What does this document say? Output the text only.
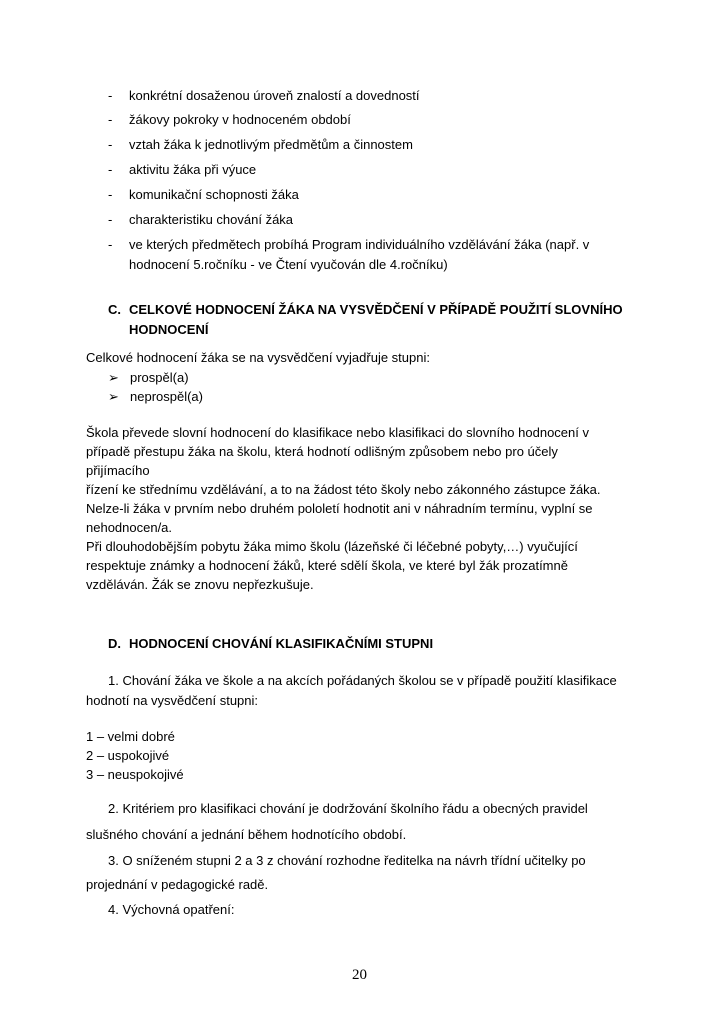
-	konkrétní dosaženou úroveň znalostí a dovedností
-	žákovy pokroky v hodnoceném období
-	vztah žáka k jednotlivým předmětům a činnostem
-	aktivitu žáka při výuce
-	komunikační schopnosti žáka
-	charakteristiku chování žáka
-	ve kterých předmětech probíhá Program individuálního vzdělávání žáka (např. v
hodnocení 5.ročníku - ve Čtení vyučován dle 4.ročníku)
C. CELKOVÉ HODNOCENÍ ŽÁKA NA VYSVĚDČENÍ V PŘÍPADĚ POUŽITÍ SLOVNÍHO
HODNOCENÍ
Celkové hodnocení žáka se na vysvědčení vyjadřuje stupni:
➢ prospěl(a)
➢ neprospěl(a)
Škola převede slovní hodnocení do klasifikace nebo klasifikaci do slovního hodnocení v
případě přestupu žáka na školu, která hodnotí odlišným způsobem nebo pro účely
přijímacího
řízení ke střednímu vzdělávání, a to na žádost této školy nebo zákonného zástupce žáka.
Nelze-li žáka v prvním nebo druhém pololetí hodnotit ani v náhradním termínu, vyplní se
nehodnocen/a.
Při dlouhodobějším pobytu žáka mimo školu (lázeňské či léčebné pobyty,…) vyučující
respektuje známky a hodnocení žáků, které sdělí škola, ve které byl žák prozatímně
vzděláván. Žák se znovu nepřezkušuje.
D. HODNOCENÍ CHOVÁNÍ KLASIFIKAČNÍMI STUPNI
1. Chování žáka ve škole a na akcích pořádaných školou se v případě použití klasifikace
hodnotí na vysvědčení stupni:
1 – velmi dobré
2 – uspokojivé
3 – neuspokojivé
2. Kritériem pro klasifikaci chování je dodržování školního řádu a obecných pravidel
slušného chování a jednání během hodnotícího období.
3. O sníženém stupni 2 a 3 z chování rozhodne ředitelka na návrh třídní učitelky po
projednání v pedagogické radě.
4. Výchovná opatření:
20
